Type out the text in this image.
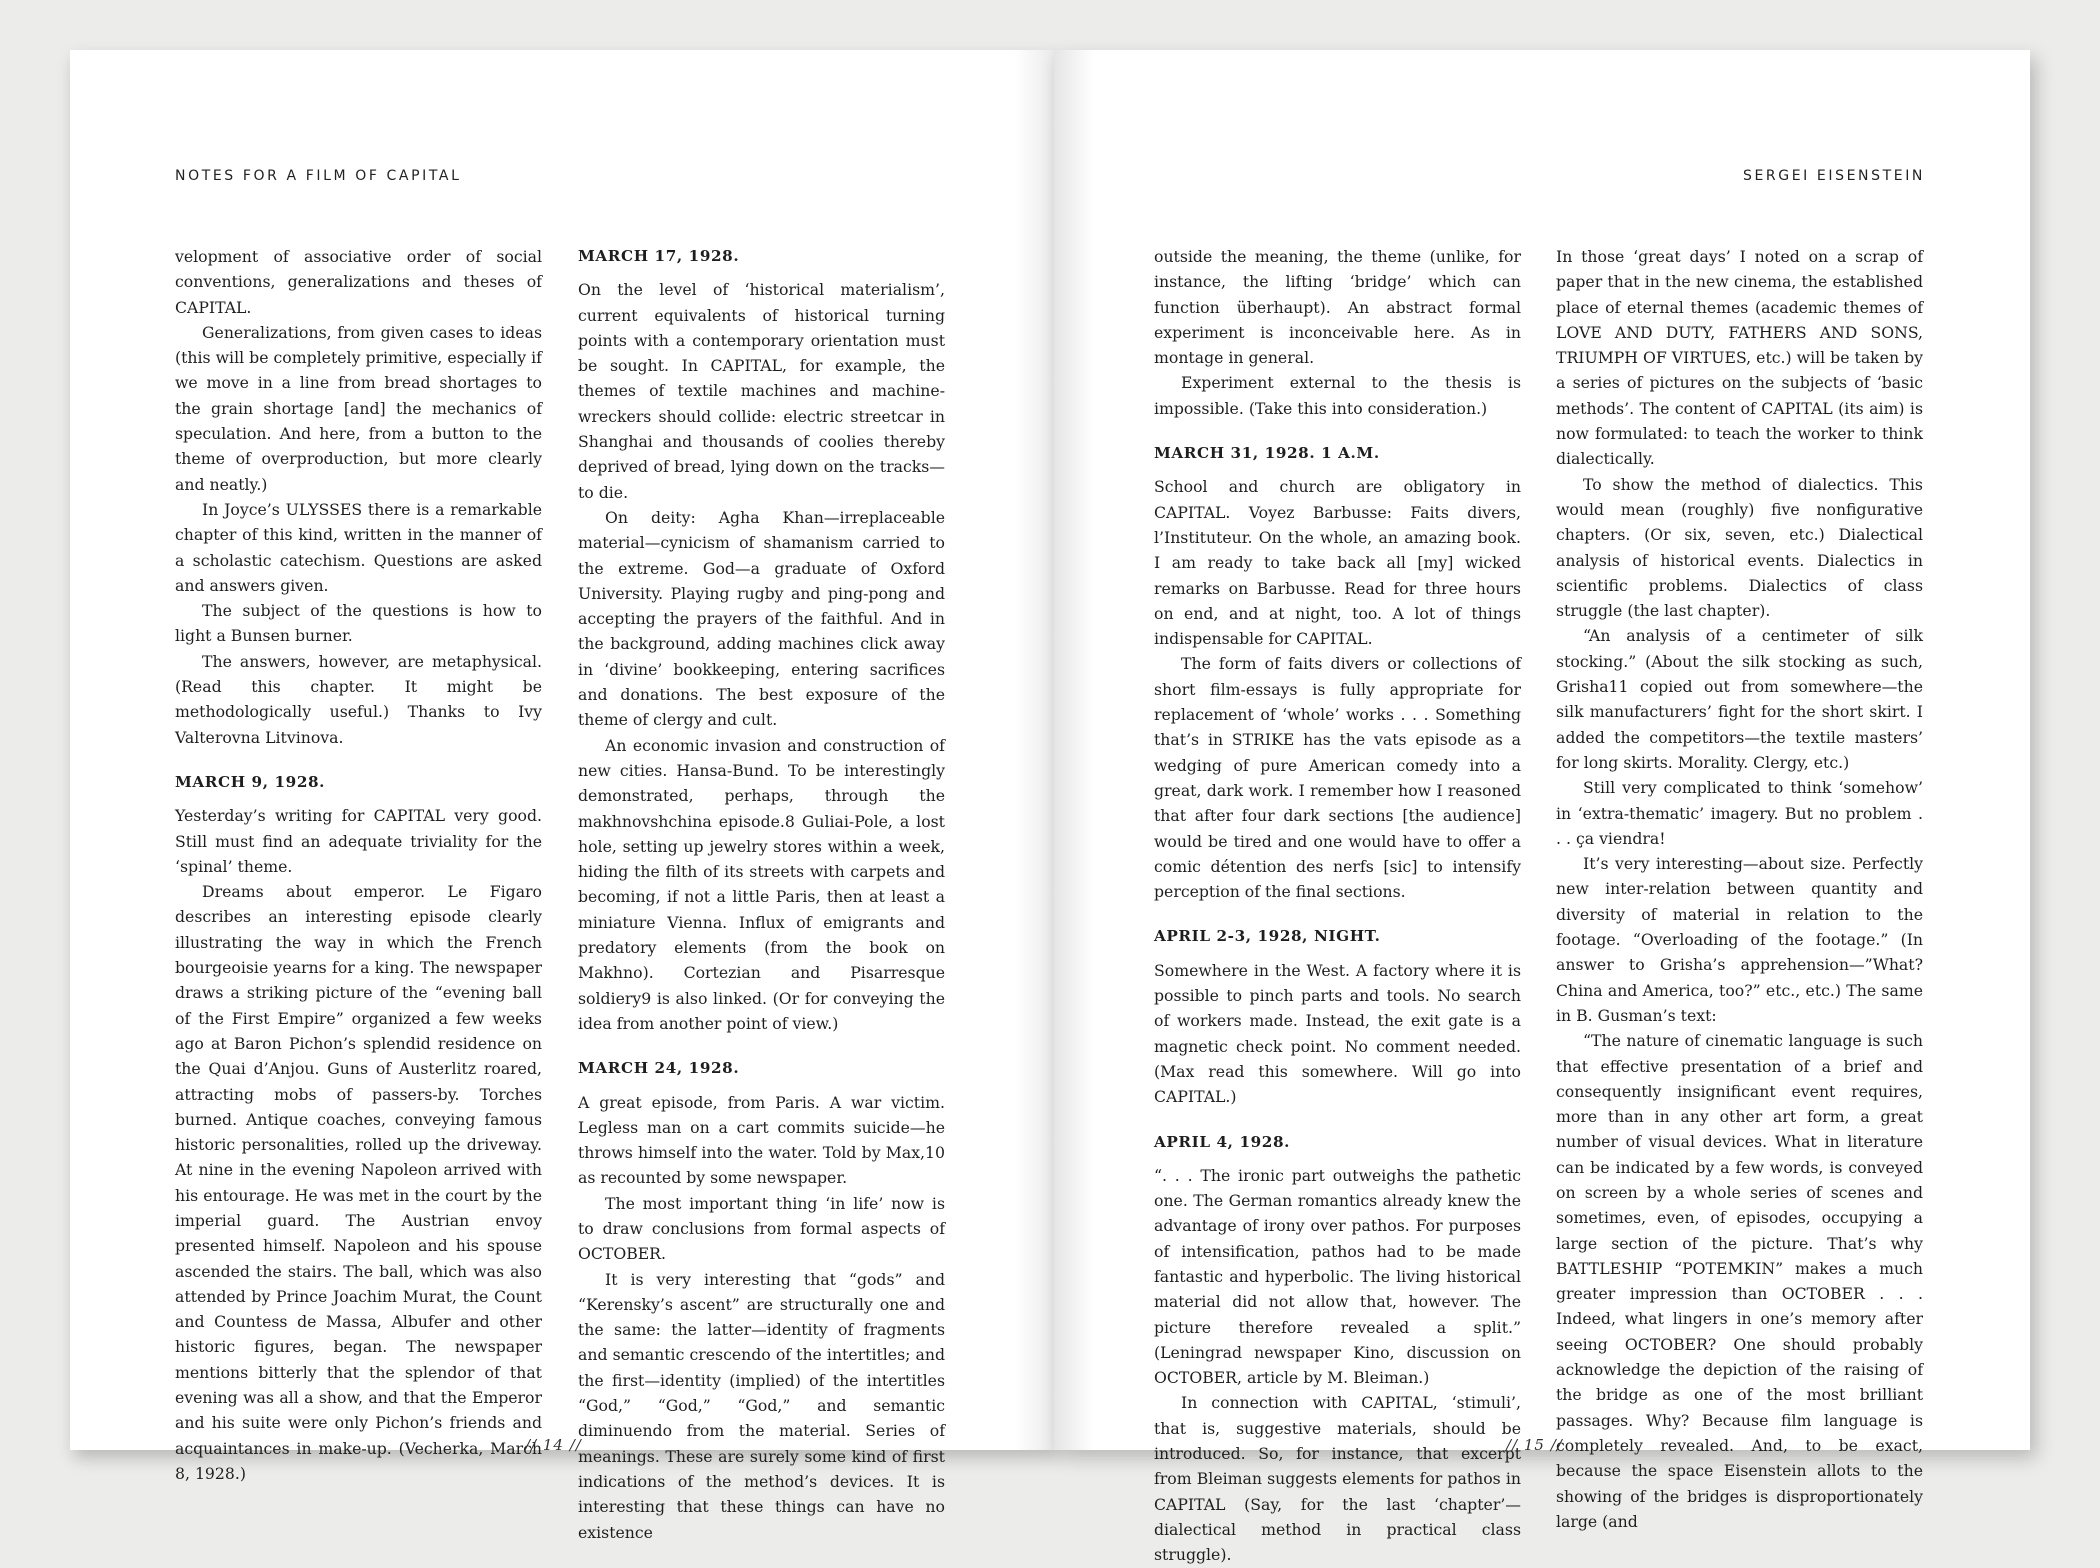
NOTES FOR A FILM OF CAPITAL

velopment of associative order of social conventions, generalizations and theses of CAPITAL.

Generalizations, from given cases to ideas (this will be completely primitive, especially if we move in a line from bread shortages to the grain shortage [and] the mechanics of speculation. And here, from a button to the theme of overproduction, but more clearly and neatly.)

In Joyce’s ULYSSES there is a remarkable chapter of this kind, written in the manner of a scholastic catechism. Questions are asked and answers given.

The subject of the questions is how to light a Bunsen burner.

The answers, however, are metaphysical. (Read this chapter. It might be methodologically useful.) Thanks to Ivy Valterovna Litvinova.

MARCH 9, 1928.

Yesterday’s writing for CAPITAL very good. Still must find an adequate triviality for the ‘spinal’ theme.

Dreams about emperor. Le Figaro describes an interesting episode clearly illustrating the way in which the French bourgeoisie yearns for a king. The newspaper draws a striking picture of the “evening ball of the First Empire” organized a few weeks ago at Baron Pichon’s splendid residence on the Quai d’Anjou. Guns of Austerlitz roared, attracting mobs of passers-by. Torches burned. Antique coaches, conveying famous historic personalities, rolled up the driveway. At nine in the evening Napoleon arrived with his entourage. He was met in the court by the imperial guard. The Austrian envoy presented himself. Napoleon and his spouse ascended the stairs. The ball, which was also attended by Prince Joachim Murat, the Count and Countess de Massa, Albufer and other historic figures, began. The newspaper mentions bitterly that the splendor of that evening was all a show, and that the Emperor and his suite were only Pichon’s friends and acquaintances in make-up. (Vecherka, March 8, 1928.)

MARCH 17, 1928.

On the level of ‘historical materialism’, current equivalents of historical turning points with a contemporary orientation must be sought. In CAPITAL, for example, the themes of textile machines and machine-wreckers should collide: electric streetcar in Shanghai and thousands of coolies thereby deprived of bread, lying down on the tracks—to die.

On deity: Agha Khan—irreplaceable material—cynicism of shamanism carried to the extreme. God—a graduate of Oxford University. Playing rugby and ping-pong and accepting the prayers of the faithful. And in the background, adding machines click away in ‘divine’ bookkeeping, entering sacrifices and donations. The best exposure of the theme of clergy and cult.

An economic invasion and construction of new cities. Hansa-Bund. To be interestingly demonstrated, perhaps, through the makhnovshchina episode.8 Guliai-Pole, a lost hole, setting up jewelry stores within a week, hiding the filth of its streets with carpets and becoming, if not a little Paris, then at least a miniature Vienna. Influx of emigrants and predatory elements (from the book on Makhno). Cortezian and Pisarresque soldiery9 is also linked. (Or for conveying the idea from another point of view.)

MARCH 24, 1928.

A great episode, from Paris. A war victim. Legless man on a cart commits suicide—he throws himself into the water. Told by Max,10 as recounted by some newspaper.

The most important thing ‘in life’ now is to draw conclusions from formal aspects of OCTOBER.

It is very interesting that “gods” and “Kerensky’s ascent” are structurally one and the same: the latter—identity of fragments and semantic crescendo of the intertitles; and the first—identity (implied) of the intertitles “God,” “God,” “God,” and semantic diminuendo from the material. Series of meanings. These are surely some kind of first indications of the method’s devices. It is interesting that these things can have no existence

// 14 //
SERGEI EISENSTEIN

outside the meaning, the theme (unlike, for instance, the lifting ‘bridge’ which can function überhaupt). An abstract formal experiment is inconceivable here. As in montage in general.

Experiment external to the thesis is impossible. (Take this into consideration.)

MARCH 31, 1928. 1 A.M.

School and church are obligatory in CAPITAL. Voyez Barbusse: Faits divers, l’Instituteur. On the whole, an amazing book. I am ready to take back all [my] wicked remarks on Barbusse. Read for three hours on end, and at night, too. A lot of things indispensable for CAPITAL.

The form of faits divers or collections of short film-essays is fully appropriate for replacement of ‘whole’ works . . . Something that’s in STRIKE has the vats episode as a wedging of pure American comedy into a great, dark work. I remember how I reasoned that after four dark sections [the audience] would be tired and one would have to offer a comic détention des nerfs [sic] to intensify perception of the final sections.

APRIL 2-3, 1928, NIGHT.

Somewhere in the West. A factory where it is possible to pinch parts and tools. No search of workers made. Instead, the exit gate is a magnetic check point. No comment needed. (Max read this somewhere. Will go into CAPITAL.)

APRIL 4, 1928.

“. . . The ironic part outweighs the pathetic one. The German romantics already knew the advantage of irony over pathos. For purposes of intensification, pathos had to be made fantastic and hyperbolic. The living historical material did not allow that, however. The picture therefore revealed a split.” (Leningrad newspaper Kino, discussion on OCTOBER, article by M. Bleiman.)

In connection with CAPITAL, ‘stimuli’, that is, suggestive materials, should be introduced. So, for instance, that excerpt from Bleiman suggests elements for pathos in CAPITAL (Say, for the last ‘chapter’—dialectical method in practical class struggle).

In those ‘great days’ I noted on a scrap of paper that in the new cinema, the established place of eternal themes (academic themes of LOVE AND DUTY, FATHERS AND SONS, TRIUMPH OF VIRTUES, etc.) will be taken by a series of pictures on the subjects of ‘basic methods’. The content of CAPITAL (its aim) is now formulated: to teach the worker to think dialectically.

To show the method of dialectics. This would mean (roughly) five nonfigurative chapters. (Or six, seven, etc.) Dialectical analysis of historical events. Dialectics in scientific problems. Dialectics of class struggle (the last chapter).

“An analysis of a centimeter of silk stocking.” (About the silk stocking as such, Grisha11 copied out from somewhere—the silk manufacturers’ fight for the short skirt. I added the competitors—the textile masters’ for long skirts. Morality. Clergy, etc.)

Still very complicated to think ‘somehow’ in ‘extra-thematic’ imagery. But no problem . . . ça viendra!

It’s very interesting—about size. Perfectly new inter-relation between quantity and diversity of material in relation to the footage. “Overloading of the footage.” (In answer to Grisha’s apprehension—”What? China and America, too?” etc., etc.) The same in B. Gusman’s text:

“The nature of cinematic language is such that effective presentation of a brief and consequently insignificant event requires, more than in any other art form, a great number of visual devices. What in literature can be indicated by a few words, is conveyed on screen by a whole series of scenes and sometimes, even, of episodes, occupying a large section of the picture. That’s why BATTLESHIP “POTEMKIN” makes a much greater impression than OCTOBER . . . Indeed, what lingers in one’s memory after seeing OCTOBER? One should probably acknowledge the depiction of the raising of the bridge as one of the most brilliant passages. Why? Because film language is completely revealed. And, to be exact, because the space Eisenstein allots to the showing of the bridges is disproportionately large (and

// 15 //
